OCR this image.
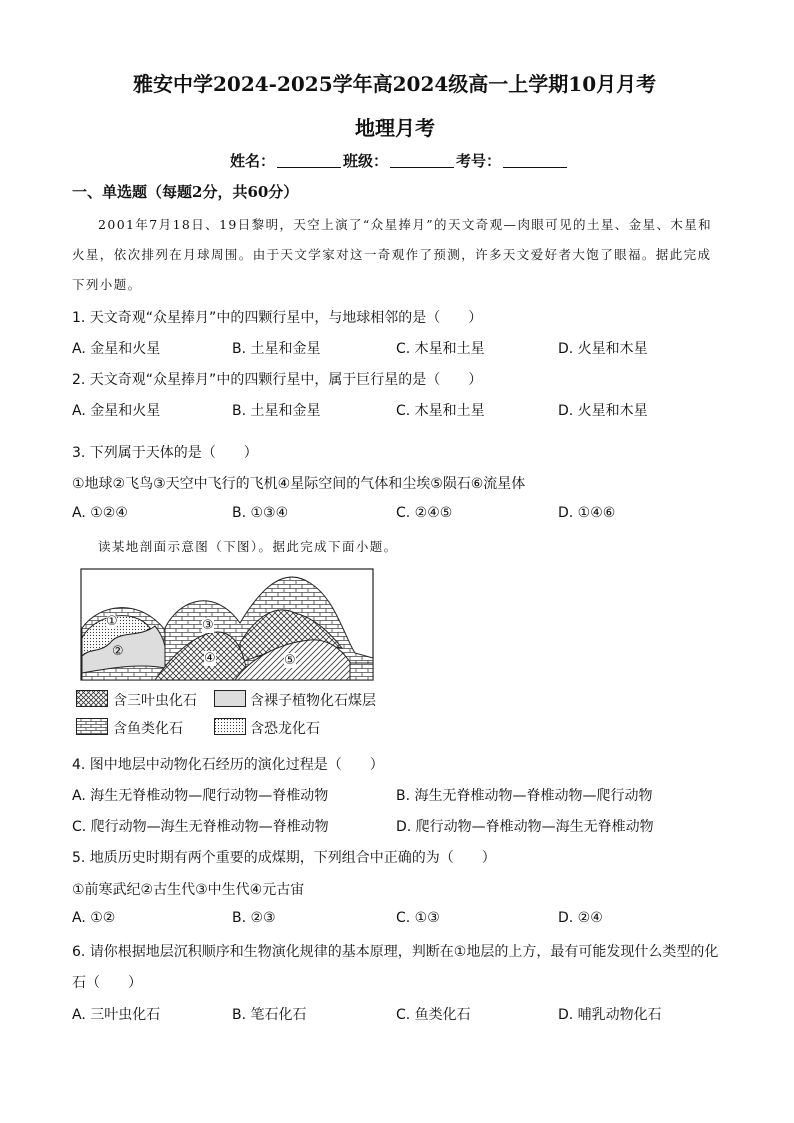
雅安中学2024-2025学年高2024级高一上学期10月月考
地理月考
姓名：	班级：	考号：
一、单选题（每题2分，共60分）
2001年7月18日、19日黎明，天空上演了“众星捧月”的天文奇观—肉眼可见的土星、金星、木星和
火星，依次排列在月球周围。由于天文学家对这一奇观作了预测，许多天文爱好者大饱了眼福。据此完成
下列小题。
1. 天文奇观“众星捧月”中的四颗行星中，与地球相邻的是（　　）
A. 金星和火星	B. 土星和金星	C. 木星和土星	D. 火星和木星
2. 天文奇观“众星捧月”中的四颗行星中，属于巨行星的是（　　）
A. 金星和火星	B. 土星和金星	C. 木星和土星	D. 火星和木星
3. 下列属于天体的是（　　）
①地球②飞鸟③天空中飞行的飞机④星际空间的气体和尘埃⑤陨石⑥流星体
A. ①②④	B. ①③④	C. ②④⑤	D. ①④⑥
读某地剖面示意图（下图）。据此完成下面小题。
①
②
③
④	⑤
含三叶虫化石	含裸子植物化石煤层
含鱼类化石	含恐龙化石
4. 图中地层中动物化石经历的演化过程是（　　）
A. 海生无脊椎动物—爬行动物—脊椎动物	B. 海生无脊椎动物—脊椎动物—爬行动物
C. 爬行动物—海生无脊椎动物—脊椎动物	D. 爬行动物—脊椎动物—海生无脊椎动物
5. 地质历史时期有两个重要的成煤期，下列组合中正确的为（　　）
①前寒武纪②古生代③中生代④元古宙
A. ①②	B. ②③	C. ①③	D. ②④
6. 请你根据地层沉积顺序和生物演化规律的基本原理，判断在①地层的上方，最有可能发现什么类型的化
石（　　）
A. 三叶虫化石	B. 笔石化石	C. 鱼类化石	D. 哺乳动物化石
